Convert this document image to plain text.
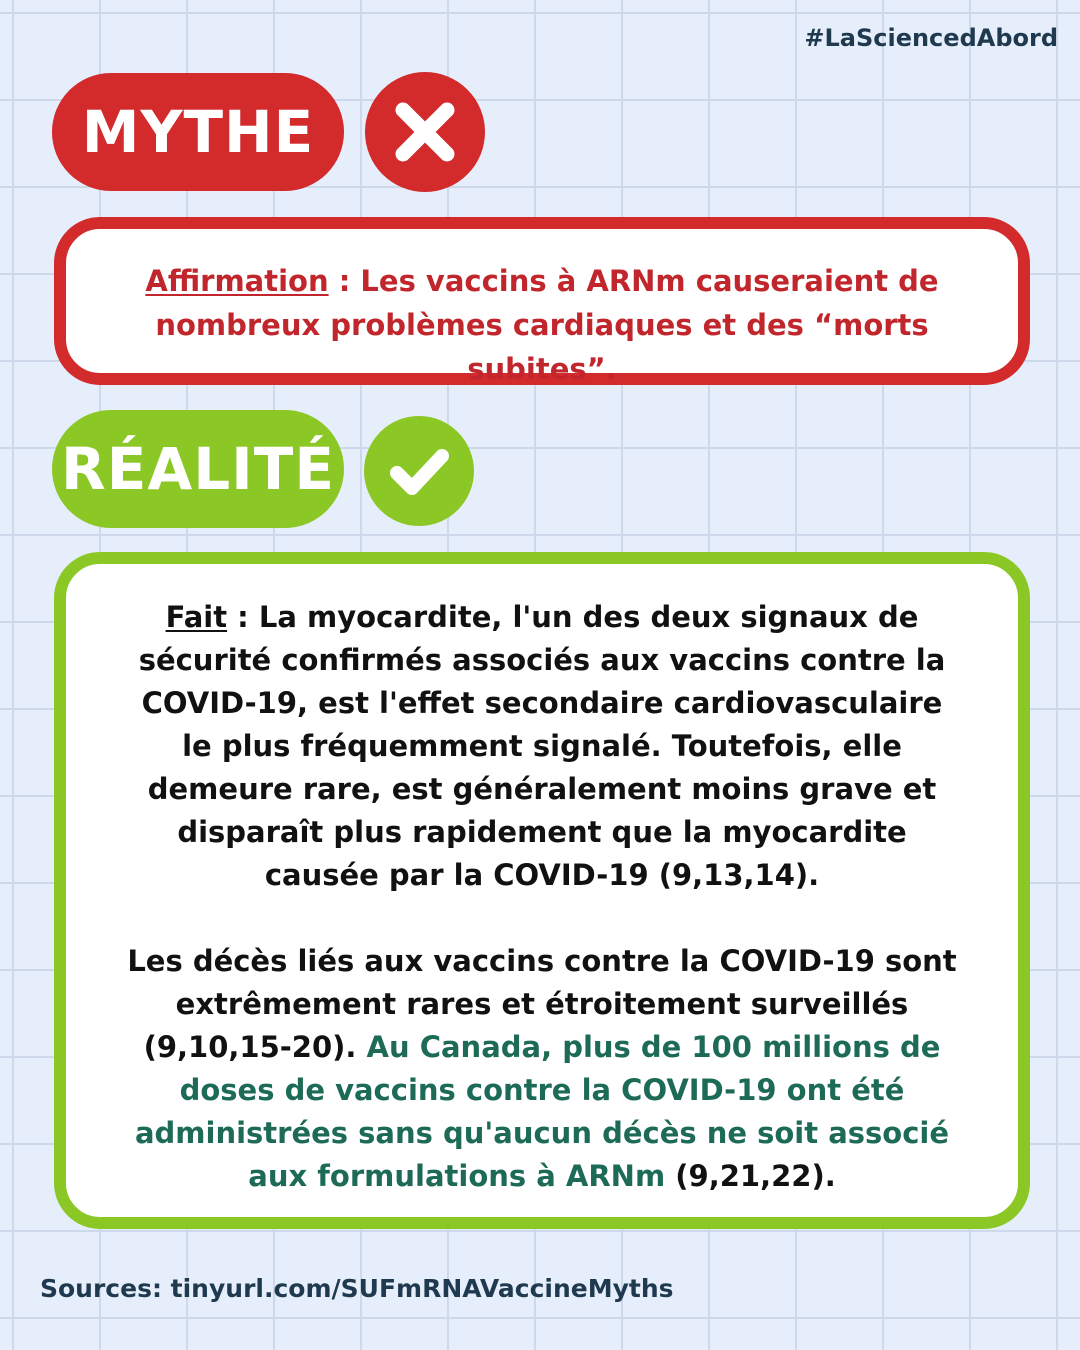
#LaSciencedAbord
MYTHE
Affirmation : Les vaccins à ARNm causeraient de nombreux problèmes cardiaques et des “morts subites”.
RÉALITÉ
Fait : La myocardite, l'un des deux signaux de sécurité confirmés associés aux vaccins contre la COVID-19, est l'effet secondaire cardiovasculaire le plus fréquemment signalé. Toutefois, elle demeure rare, est généralement moins grave et disparaît plus rapidement que la myocardite causée par la COVID-19 (9,13,14).
Les décès liés aux vaccins contre la COVID-19 sont extrêmement rares et étroitement surveillés (9,10,15-20). Au Canada, plus de 100 millions de doses de vaccins contre la COVID-19 ont été administrées sans qu'aucun décès ne soit associé aux formulations à ARNm (9,21,22).
Sources: tinyurl.com/SUFmRNAVaccineMyths
